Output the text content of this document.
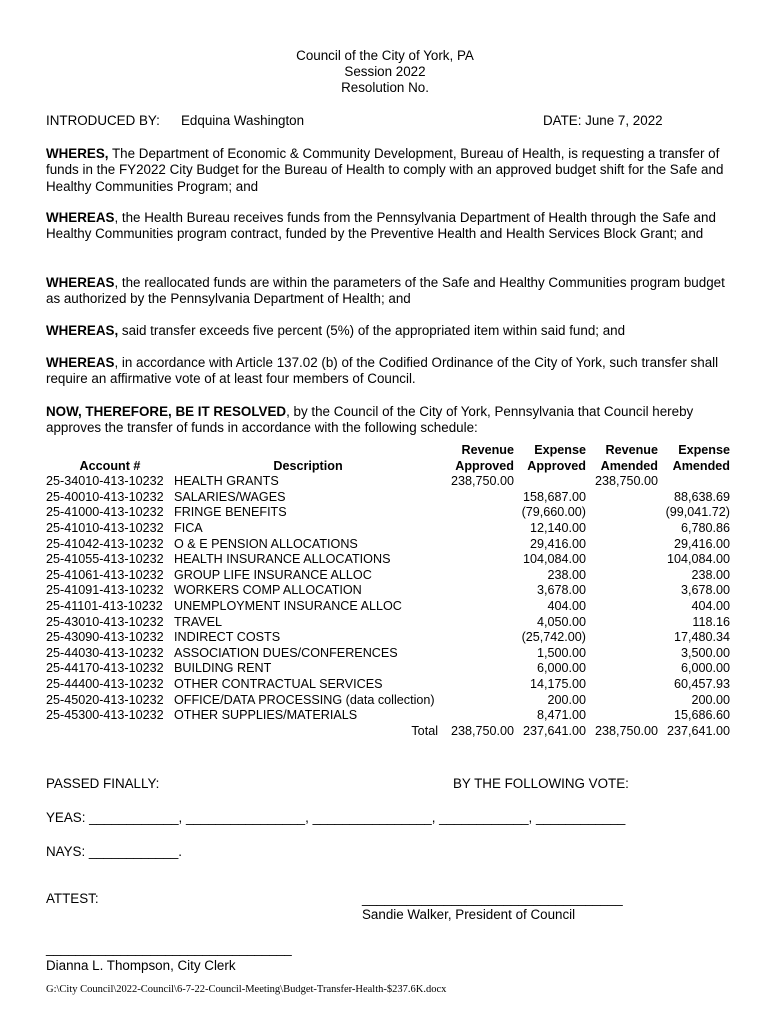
Council of the City of York, PA
Session 2022
Resolution No.
INTRODUCED BY: Edquina Washington	DATE: June 7, 2022
WHERES, The Department of Economic & Community Development, Bureau of Health, is requesting a transfer of funds in the FY2022 City Budget for the Bureau of Health to comply with an approved budget shift for the Safe and Healthy Communities Program; and
WHEREAS, the Health Bureau receives funds from the Pennsylvania Department of Health through the Safe and Healthy Communities program contract, funded by the Preventive Health and Health Services Block Grant; and
WHEREAS, the reallocated funds are within the parameters of the Safe and Healthy Communities program budget as authorized by the Pennsylvania Department of Health; and
WHEREAS, said transfer exceeds five percent (5%) of the appropriated item within said fund; and
WHEREAS, in accordance with Article 137.02 (b) of the Codified Ordinance of the City of York, such transfer shall require an affirmative vote of at least four members of Council.
NOW, THEREFORE, BE IT RESOLVED, by the Council of the City of York, Pennsylvania that Council hereby approves the transfer of funds in accordance with the following schedule:
		Revenue	Expense	Revenue	Expense
Account #	Description	Approved	Approved	Amended	Amended
25-34010-413-10232	HEALTH GRANTS	238,750.00		238,750.00	
25-40010-413-10232	SALARIES/WAGES		158,687.00		88,638.69
25-41000-413-10232	FRINGE BENEFITS		(79,660.00)		(99,041.72)
25-41010-413-10232	FICA		12,140.00		6,780.86
25-41042-413-10232	O & E PENSION ALLOCATIONS		29,416.00		29,416.00
25-41055-413-10232	HEALTH INSURANCE ALLOCATIONS		104,084.00		104,084.00
25-41061-413-10232	GROUP LIFE INSURANCE ALLOC		238.00		238.00
25-41091-413-10232	WORKERS COMP ALLOCATION		3,678.00		3,678.00
25-41101-413-10232	UNEMPLOYMENT INSURANCE ALLOC		404.00		404.00
25-43010-413-10232	TRAVEL		4,050.00		118.16
25-43090-413-10232	INDIRECT COSTS		(25,742.00)		17,480.34
25-44030-413-10232	ASSOCIATION DUES/CONFERENCES		1,500.00		3,500.00
25-44170-413-10232	BUILDING RENT		6,000.00		6,000.00
25-44400-413-10232	OTHER CONTRACTUAL SERVICES		14,175.00		60,457.93
25-45020-413-10232	OFFICE/DATA PROCESSING (data collection)		200.00		200.00
25-45300-413-10232	OTHER SUPPLIES/MATERIALS		8,471.00		15,686.60
	Total	238,750.00	237,641.00	238,750.00	237,641.00
PASSED FINALLY:	BY THE FOLLOWING VOTE:
YEAS: ____________, ________________, ________________, ____________, ____________
NAYS: ____________.
ATTEST:	___________________________________
Sandie Walker, President of Council
_________________________________
Dianna L. Thompson, City Clerk
G:\City Council\2022-Council\6-7-22-Council-Meeting\Budget-Transfer-Health-$237.6K.docx
